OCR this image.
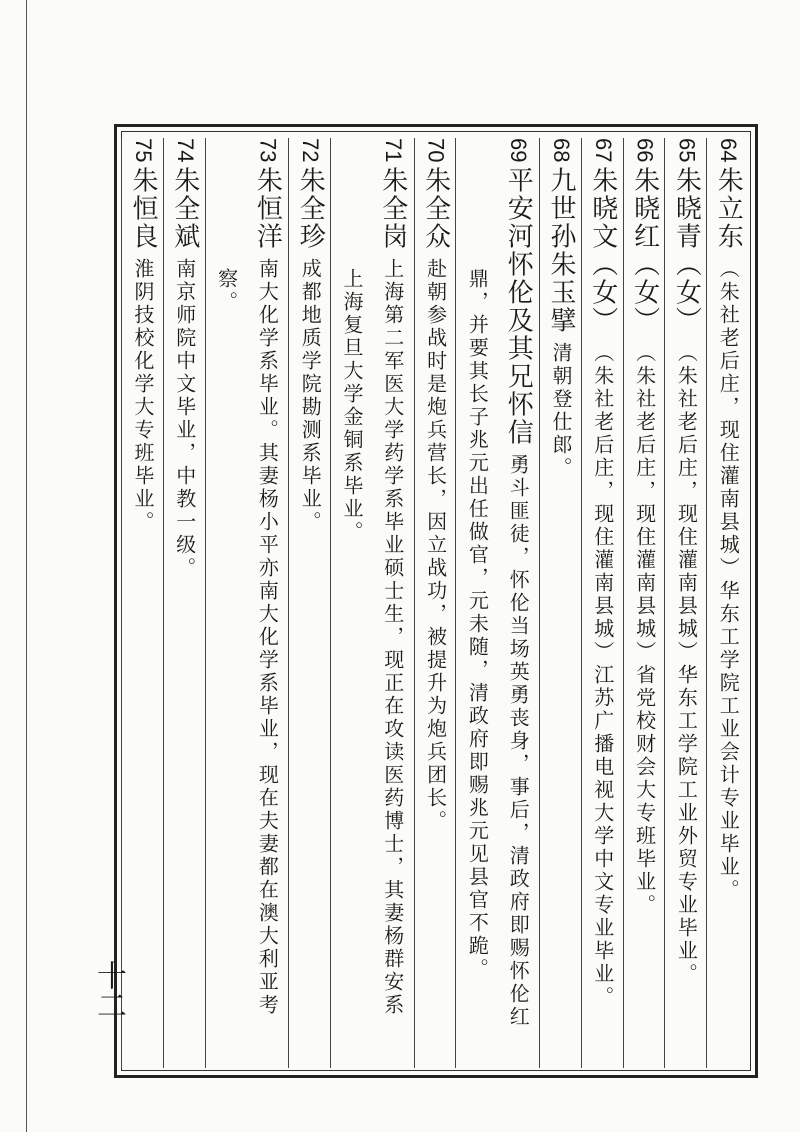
64朱立东（朱社老后庄，现住灌南县城）华东工学院工业会计专业毕业。
65朱晓青（女）（朱社老后庄，现住灌南县城）华东工学院工业外贸专业毕业。
66朱晓红（女）（朱社老后庄，现住灌南县城）省党校财会大专班毕业。
67朱晓文（女）（朱社老后庄，现住灌南县城）江苏广播电视大学中文专业毕业。
68九世孙朱玉擘清朝登仕郎。
69平安河怀伦及其兄怀信勇斗匪徒，怀伦当场英勇丧身，事后，清政府即赐怀伦红
鼎，并要其长子兆元出任做官，元未随，清政府即赐兆元见县官不跪。
70朱全众赴朝参战时是炮兵营长，因立战功，被提升为炮兵团长。
71朱全岗上海第二军医大学药学系毕业硕士生，现正在攻读医药博士，其妻杨群安系
上海复旦大学金铜系毕业。
72朱全珍成都地质学院勘测系毕业。
73朱恒洋南大化学系毕业。其妻杨小平亦南大化学系毕业，现在夫妻都在澳大利亚考
察。
74朱全斌南京师院中文毕业，中教一级。
75朱恒良淮阴技校化学大专班毕业。
十二
